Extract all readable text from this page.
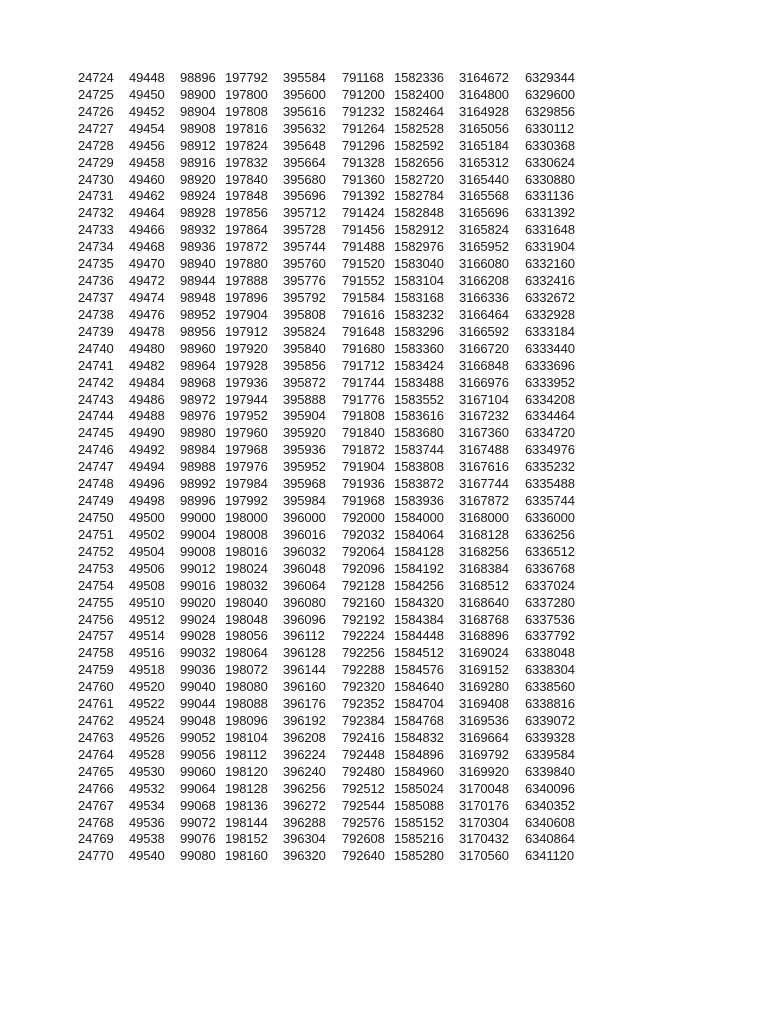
24724 49448 98896 197792 395584 791168 1582336 3164672 6329344
24725 49450 98900 197800 395600 791200 1582400 3164800 6329600
24726 49452 98904 197808 395616 791232 1582464 3164928 6329856
24727 49454 98908 197816 395632 791264 1582528 3165056 6330112
24728 49456 98912 197824 395648 791296 1582592 3165184 6330368
24729 49458 98916 197832 395664 791328 1582656 3165312 6330624
24730 49460 98920 197840 395680 791360 1582720 3165440 6330880
24731 49462 98924 197848 395696 791392 1582784 3165568 6331136
24732 49464 98928 197856 395712 791424 1582848 3165696 6331392
24733 49466 98932 197864 395728 791456 1582912 3165824 6331648
24734 49468 98936 197872 395744 791488 1582976 3165952 6331904
24735 49470 98940 197880 395760 791520 1583040 3166080 6332160
24736 49472 98944 197888 395776 791552 1583104 3166208 6332416
24737 49474 98948 197896 395792 791584 1583168 3166336 6332672
24738 49476 98952 197904 395808 791616 1583232 3166464 6332928
24739 49478 98956 197912 395824 791648 1583296 3166592 6333184
24740 49480 98960 197920 395840 791680 1583360 3166720 6333440
24741 49482 98964 197928 395856 791712 1583424 3166848 6333696
24742 49484 98968 197936 395872 791744 1583488 3166976 6333952
24743 49486 98972 197944 395888 791776 1583552 3167104 6334208
24744 49488 98976 197952 395904 791808 1583616 3167232 6334464
24745 49490 98980 197960 395920 791840 1583680 3167360 6334720
24746 49492 98984 197968 395936 791872 1583744 3167488 6334976
24747 49494 98988 197976 395952 791904 1583808 3167616 6335232
24748 49496 98992 197984 395968 791936 1583872 3167744 6335488
24749 49498 98996 197992 395984 791968 1583936 3167872 6335744
24750 49500 99000 198000 396000 792000 1584000 3168000 6336000
24751 49502 99004 198008 396016 792032 1584064 3168128 6336256
24752 49504 99008 198016 396032 792064 1584128 3168256 6336512
24753 49506 99012 198024 396048 792096 1584192 3168384 6336768
24754 49508 99016 198032 396064 792128 1584256 3168512 6337024
24755 49510 99020 198040 396080 792160 1584320 3168640 6337280
24756 49512 99024 198048 396096 792192 1584384 3168768 6337536
24757 49514 99028 198056 396112 792224 1584448 3168896 6337792
24758 49516 99032 198064 396128 792256 1584512 3169024 6338048
24759 49518 99036 198072 396144 792288 1584576 3169152 6338304
24760 49520 99040 198080 396160 792320 1584640 3169280 6338560
24761 49522 99044 198088 396176 792352 1584704 3169408 6338816
24762 49524 99048 198096 396192 792384 1584768 3169536 6339072
24763 49526 99052 198104 396208 792416 1584832 3169664 6339328
24764 49528 99056 198112 396224 792448 1584896 3169792 6339584
24765 49530 99060 198120 396240 792480 1584960 3169920 6339840
24766 49532 99064 198128 396256 792512 1585024 3170048 6340096
24767 49534 99068 198136 396272 792544 1585088 3170176 6340352
24768 49536 99072 198144 396288 792576 1585152 3170304 6340608
24769 49538 99076 198152 396304 792608 1585216 3170432 6340864
24770 49540 99080 198160 396320 792640 1585280 3170560 6341120
